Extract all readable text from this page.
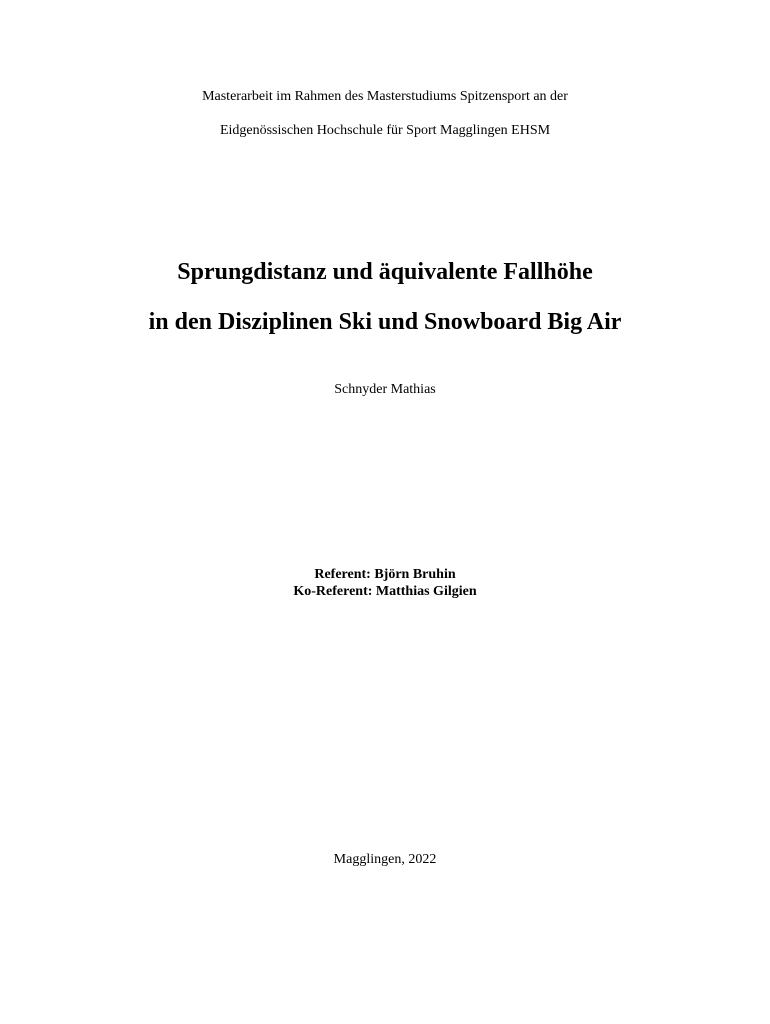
Masterarbeit im Rahmen des Masterstudiums Spitzensport an der
Eidgenössischen Hochschule für Sport Magglingen EHSM
Sprungdistanz und äquivalente Fallhöhe
in den Disziplinen Ski und Snowboard Big Air
Schnyder Mathias
Referent: Björn Bruhin
Ko-Referent: Matthias Gilgien
Magglingen, 2022
